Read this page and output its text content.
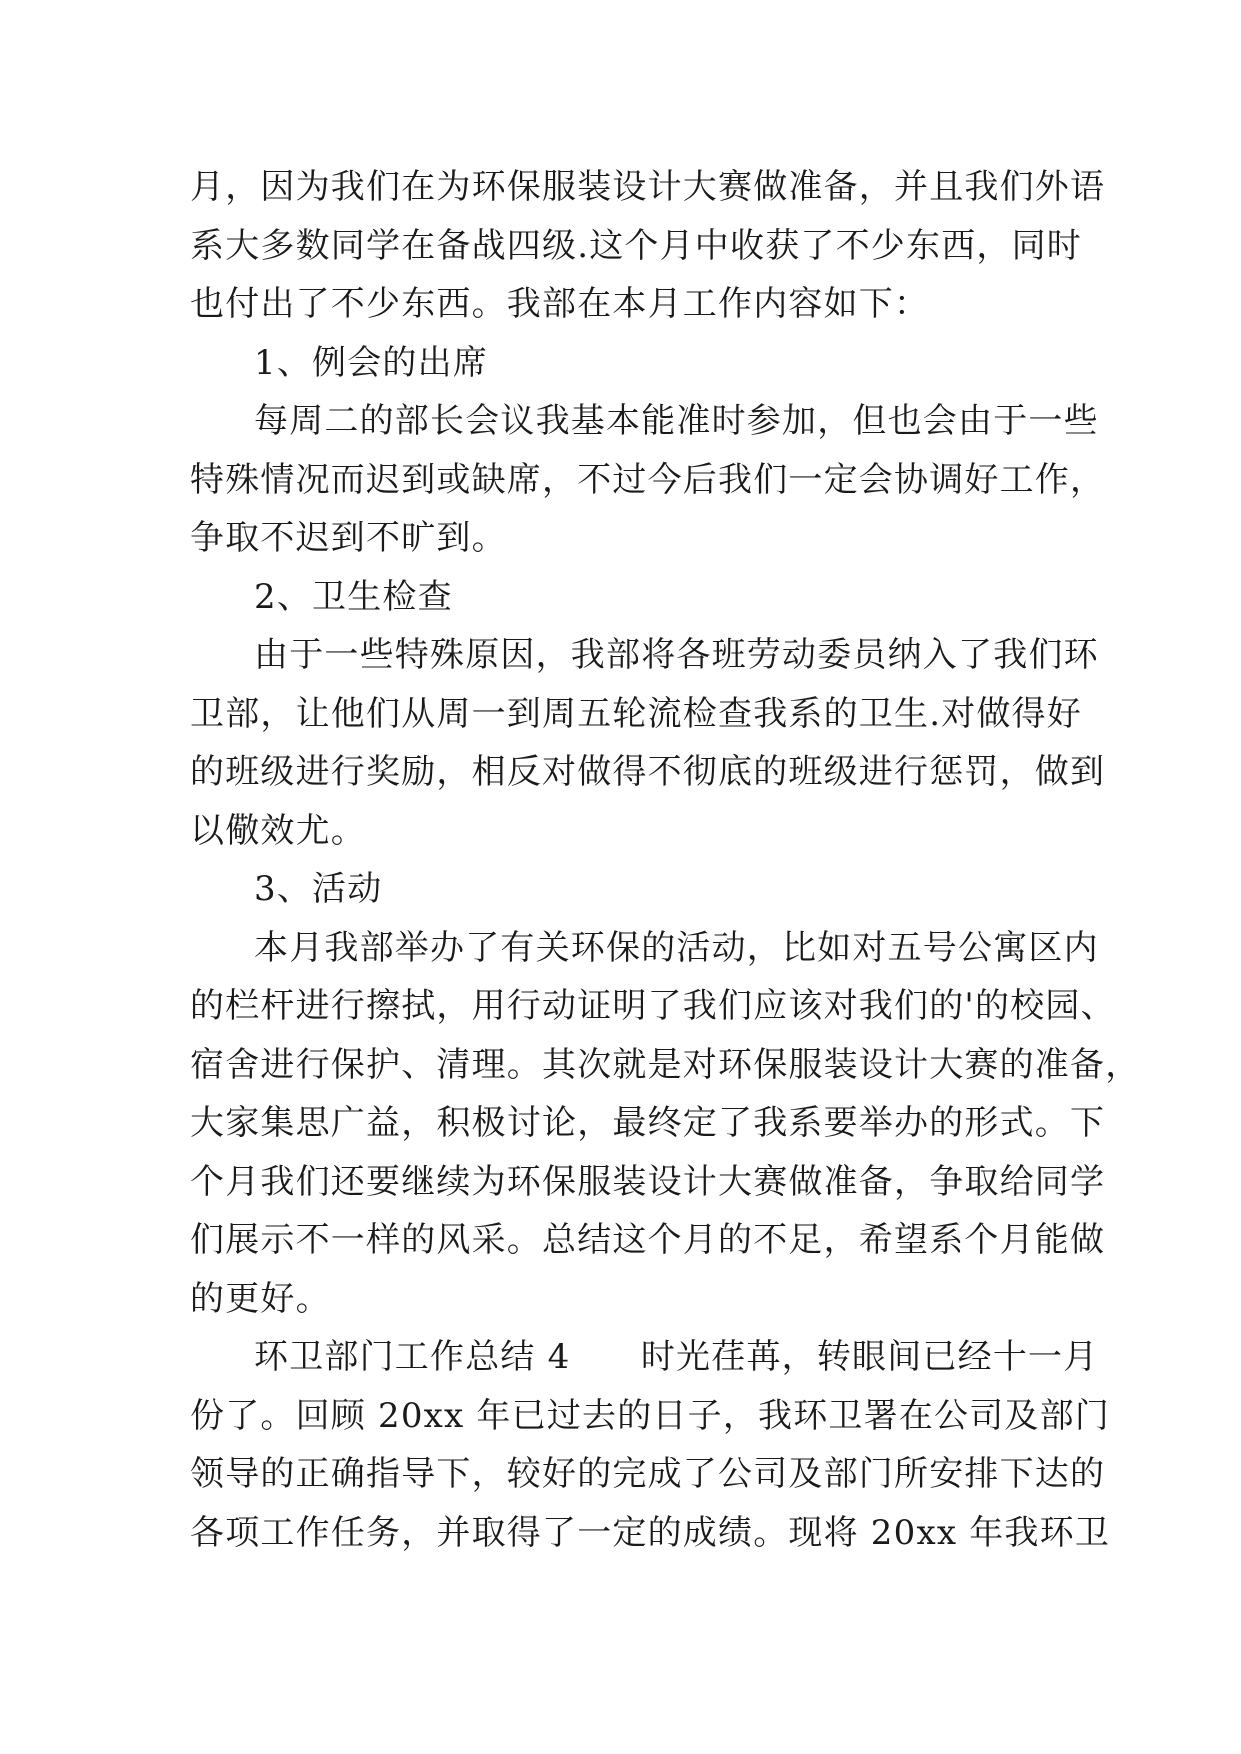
月，因为我们在为环保服装设计大赛做准备，并且我们外语
系大多数同学在备战四级.这个月中收获了不少东西，同时
也付出了不少东西。我部在本月工作内容如下：
1、例会的出席
每周二的部长会议我基本能准时参加，但也会由于一些
特殊情况而迟到或缺席，不过今后我们一定会协调好工作，
争取不迟到不旷到。
2、卫生检查
由于一些特殊原因，我部将各班劳动委员纳入了我们环
卫部，让他们从周一到周五轮流检查我系的卫生.对做得好
的班级进行奖励，相反对做得不彻底的班级进行惩罚，做到
以儆效尤。
3、活动
本月我部举办了有关环保的活动，比如对五号公寓区内
的栏杆进行擦拭，用行动证明了我们应该对我们的'的校园、
宿舍进行保护、清理。其次就是对环保服装设计大赛的准备，
大家集思广益，积极讨论，最终定了我系要举办的形式。下
个月我们还要继续为环保服装设计大赛做准备，争取给同学
们展示不一样的风采。总结这个月的不足，希望系个月能做
的更好。
环卫部门工作总结 4　　时光荏苒，转眼间已经十一月
份了。回顾 20xx 年已过去的日子，我环卫署在公司及部门
领导的正确指导下，较好的完成了公司及部门所安排下达的
各项工作任务，并取得了一定的成绩。现将 20xx 年我环卫
